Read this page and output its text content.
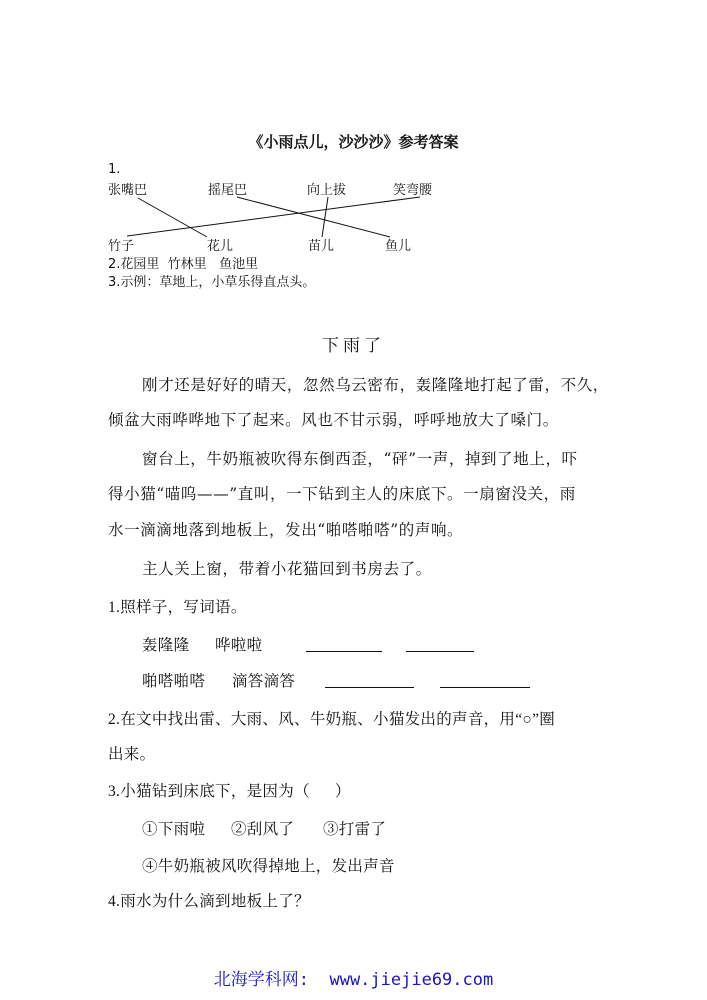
《小雨点儿，沙沙沙》参考答案
1.
张嘴巴	摇尾巴	向上拔	笑弯腰
竹子	花儿	苗儿	鱼儿
2.花园里  竹林里   鱼池里
3.示例：草地上，小草乐得直点头。
下雨了
刚才还是好好的晴天，忽然乌云密布，轰隆隆地打起了雷，不久，
倾盆大雨哗哗地下了起来。风也不甘示弱，呼呼地放大了嗓门。
窗台上，牛奶瓶被吹得东倒西歪，“砰”一声，掉到了地上，吓
得小猫“喵呜——”直叫，一下钻到主人的床底下。一扇窗没关，雨
水一滴滴地落到地板上，发出“啪嗒啪嗒”的声响。
主人关上窗，带着小花猫回到书房去了。
1.照样子，写词语。
轰隆隆 哗啦啦
啪嗒啪嗒 滴答滴答
2.在文中找出雷、大雨、风、牛奶瓶、小猫发出的声音，用“○”圈
出来。
3.小猫钻到床底下，是因为（      ）
①下雨啦 ②刮风了 ③打雷了
④牛奶瓶被风吹得掉地上，发出声音
4.雨水为什么滴到地板上了？
北海学科网:  www.jiejie69.com
